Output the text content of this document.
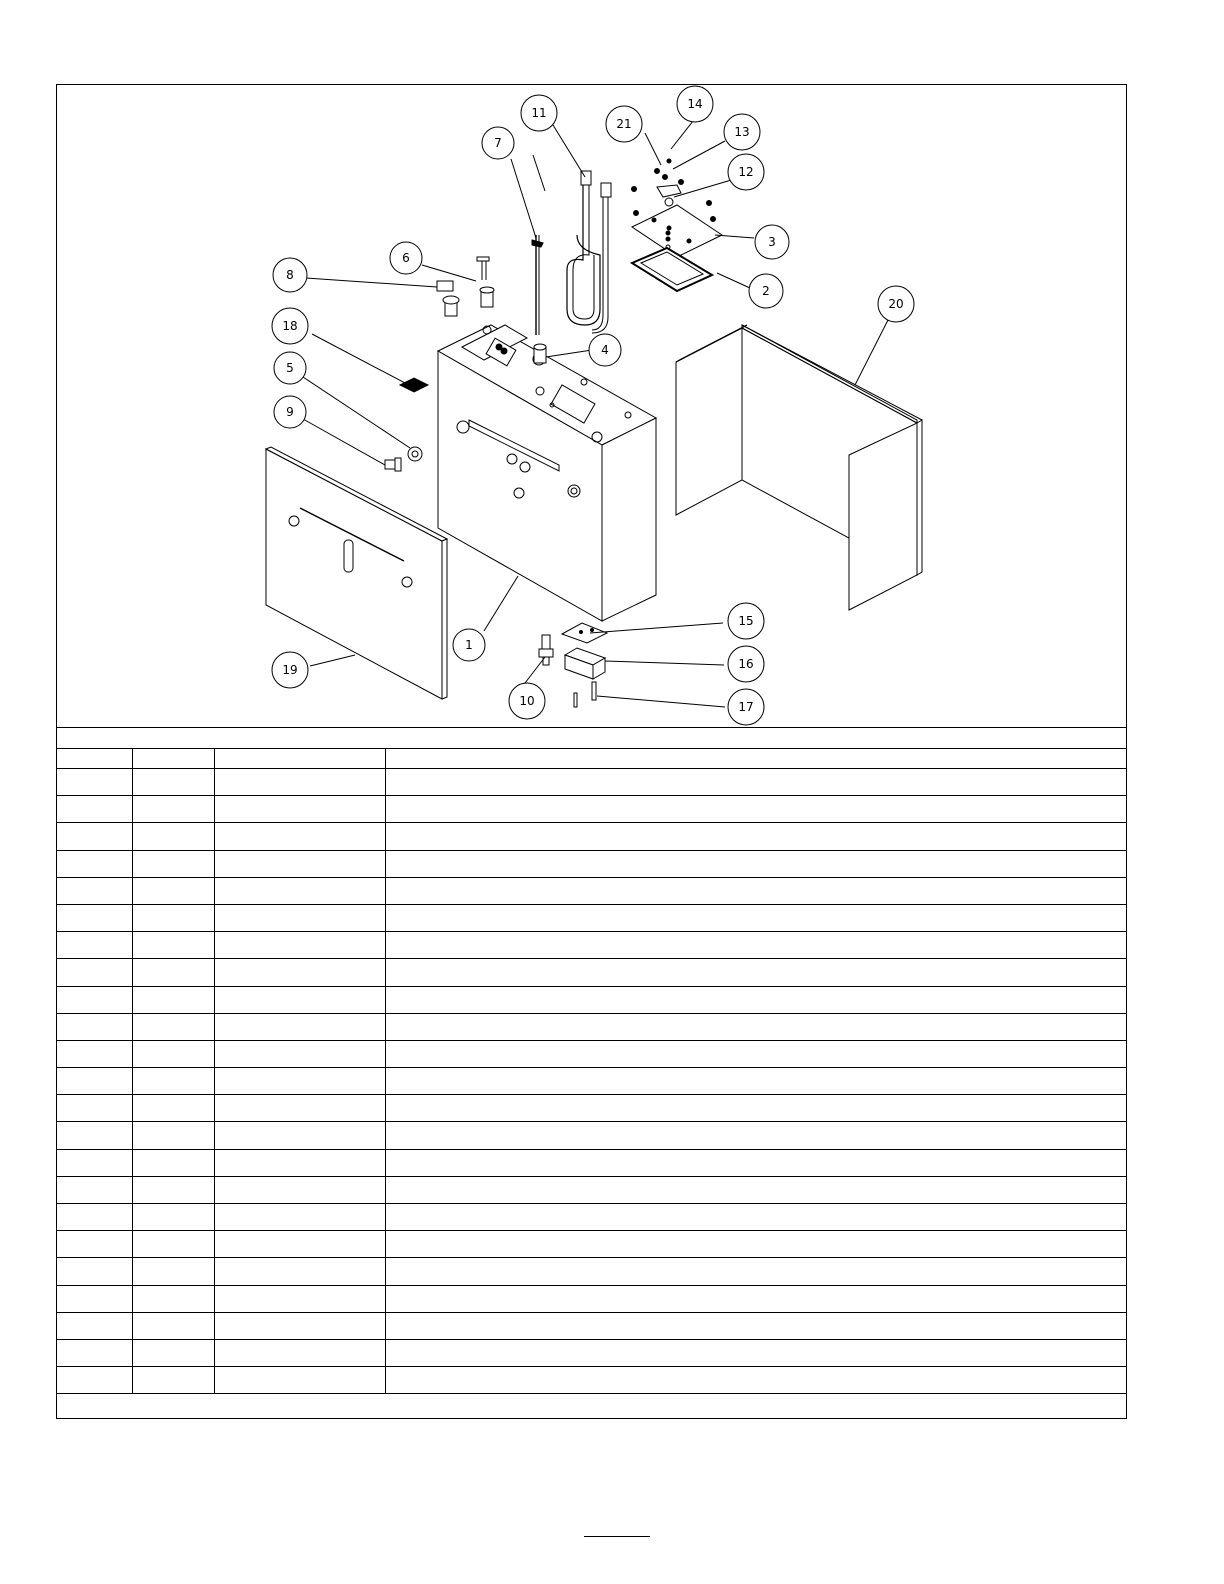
11
7
21
14
13
12
3
2
4
6
8
18
5
9
1
19
10
15
16
17
20
